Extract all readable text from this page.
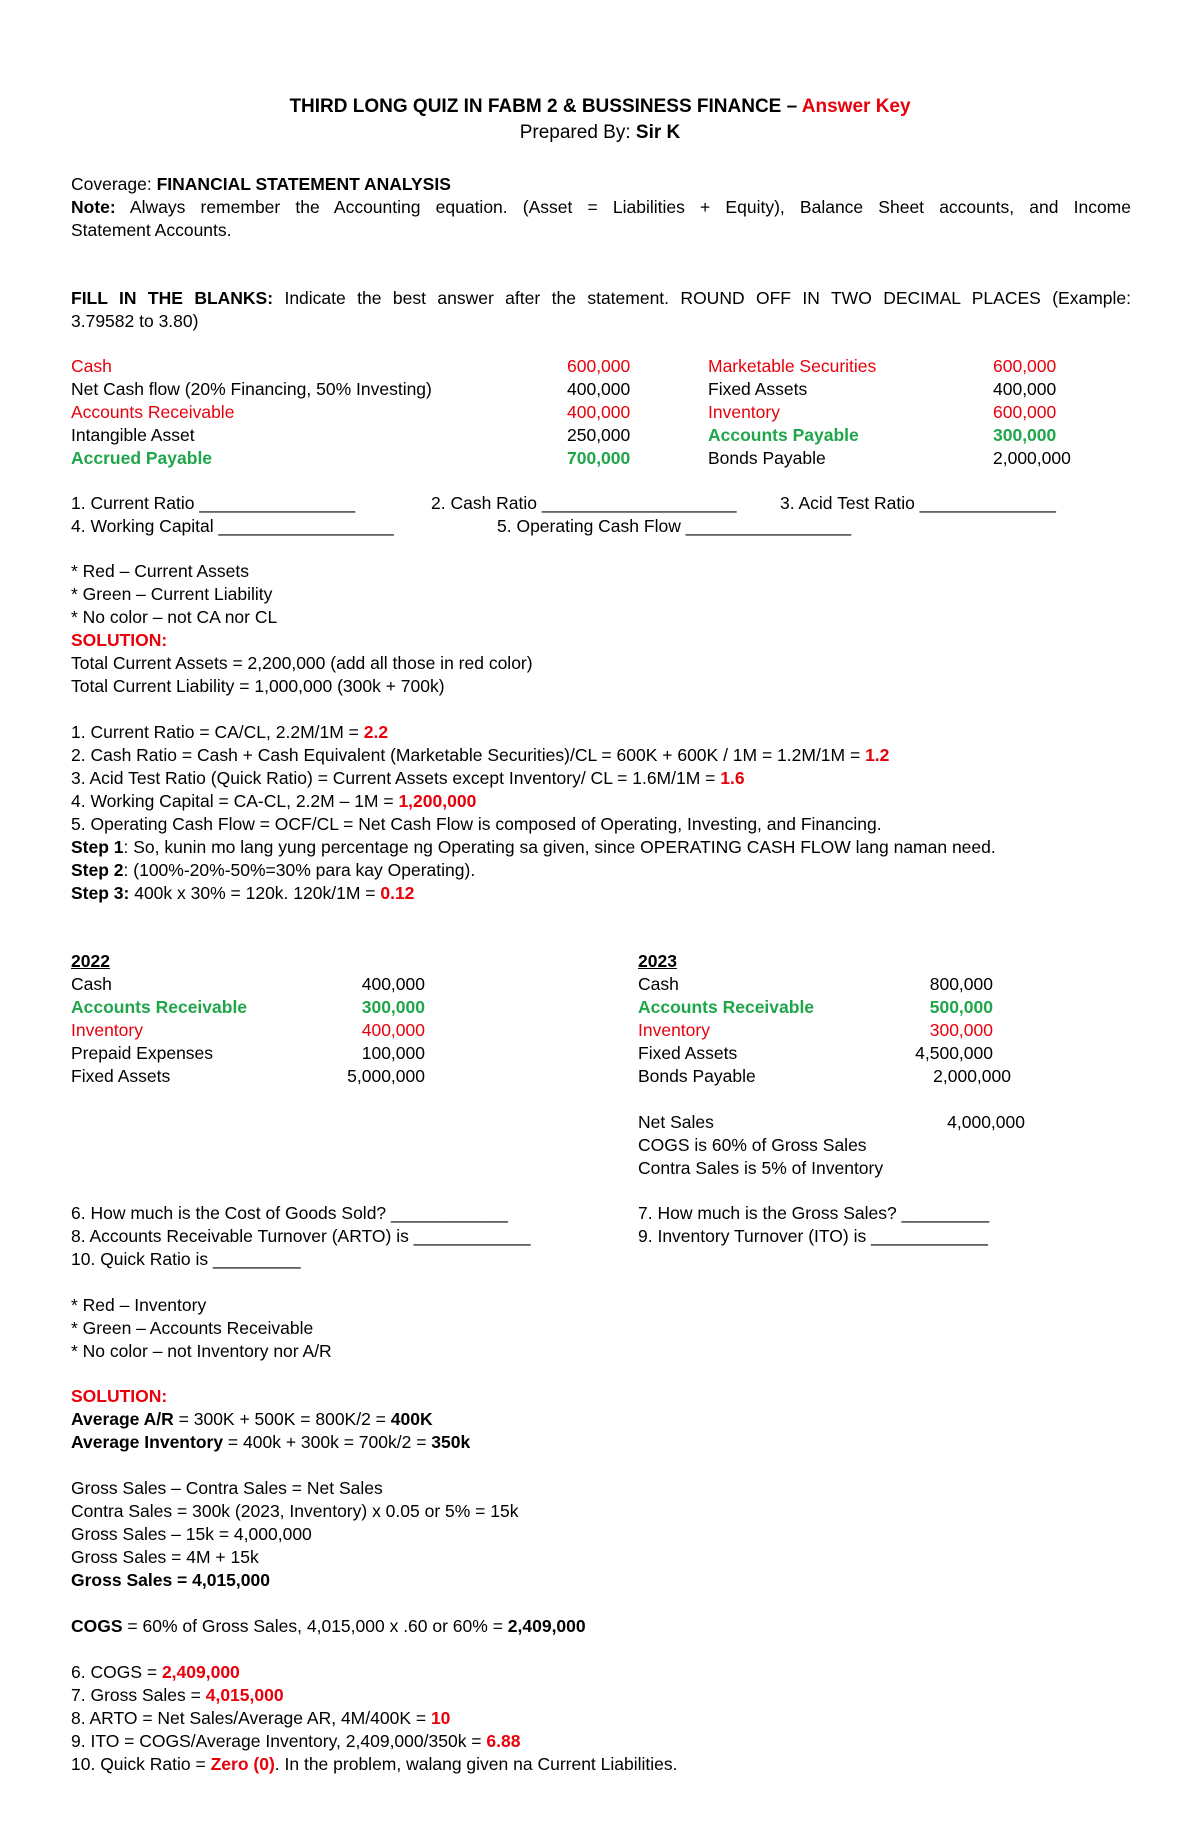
THIRD LONG QUIZ IN FABM 2 & BUSSINESS FINANCE – Answer Key
Prepared By: Sir K
Coverage: FINANCIAL STATEMENT ANALYSIS
Note: Always remember the Accounting equation. (Asset = Liabilities + Equity), Balance Sheet accounts, and Income
Statement Accounts.
FILL IN THE BLANKS: Indicate the best answer after the statement. ROUND OFF IN TWO DECIMAL PLACES (Example:
3.79582 to 3.80)
Cash	600,000	Marketable Securities	600,000
Net Cash flow (20% Financing, 50% Investing)	400,000	Fixed Assets	400,000
Accounts Receivable	400,000	Inventory	600,000
Intangible Asset	250,000	Accounts Payable	300,000
Accrued Payable	700,000	Bonds Payable	2,000,000
1. Current Ratio ________________	2. Cash Ratio ____________________ 3. Acid Test Ratio ______________
4. Working Capital __________________	5. Operating Cash Flow _________________
* Red – Current Assets
* Green – Current Liability
* No color – not CA nor CL
SOLUTION:
Total Current Assets = 2,200,000 (add all those in red color)
Total Current Liability = 1,000,000 (300k + 700k)
1. Current Ratio = CA/CL, 2.2M/1M = 2.2
2. Cash Ratio = Cash + Cash Equivalent (Marketable Securities)/CL = 600K + 600K / 1M = 1.2M/1M = 1.2
3. Acid Test Ratio (Quick Ratio) = Current Assets except Inventory/ CL = 1.6M/1M = 1.6
4. Working Capital = CA-CL, 2.2M – 1M = 1,200,000
5. Operating Cash Flow = OCF/CL = Net Cash Flow is composed of Operating, Investing, and Financing.
Step 1: So, kunin mo lang yung percentage ng Operating sa given, since OPERATING CASH FLOW lang naman need.
Step 2: (100%-20%-50%=30% para kay Operating).
Step 3: 400k x 30% = 120k. 120k/1M = 0.12
2022
Cash	400,000
Accounts Receivable	300,000
Inventory	400,000
Prepaid Expenses	100,000
Fixed Assets	5,000,000
2023
Cash	800,000
Accounts Receivable	500,000
Inventory	300,000
Fixed Assets	4,500,000
Bonds Payable	2,000,000
Net Sales	4,000,000
COGS is 60% of Gross Sales
Contra Sales is 5% of Inventory
6. How much is the Cost of Goods Sold? ____________	7. How much is the Gross Sales? _________
8. Accounts Receivable Turnover (ARTO) is ____________	9. Inventory Turnover (ITO) is ____________
10. Quick Ratio is _________
* Red – Inventory
* Green – Accounts Receivable
* No color – not Inventory nor A/R
SOLUTION:
Average A/R = 300K + 500K = 800K/2 = 400K
Average Inventory = 400k + 300k = 700k/2 = 350k
Gross Sales – Contra Sales = Net Sales
Contra Sales = 300k (2023, Inventory) x 0.05 or 5% = 15k
Gross Sales – 15k = 4,000,000
Gross Sales = 4M + 15k
Gross Sales = 4,015,000
COGS = 60% of Gross Sales, 4,015,000 x .60 or 60% = 2,409,000
6. COGS = 2,409,000
7. Gross Sales = 4,015,000
8. ARTO = Net Sales/Average AR, 4M/400K = 10
9. ITO = COGS/Average Inventory, 2,409,000/350k = 6.88
10. Quick Ratio = Zero (0). In the problem, walang given na Current Liabilities.
